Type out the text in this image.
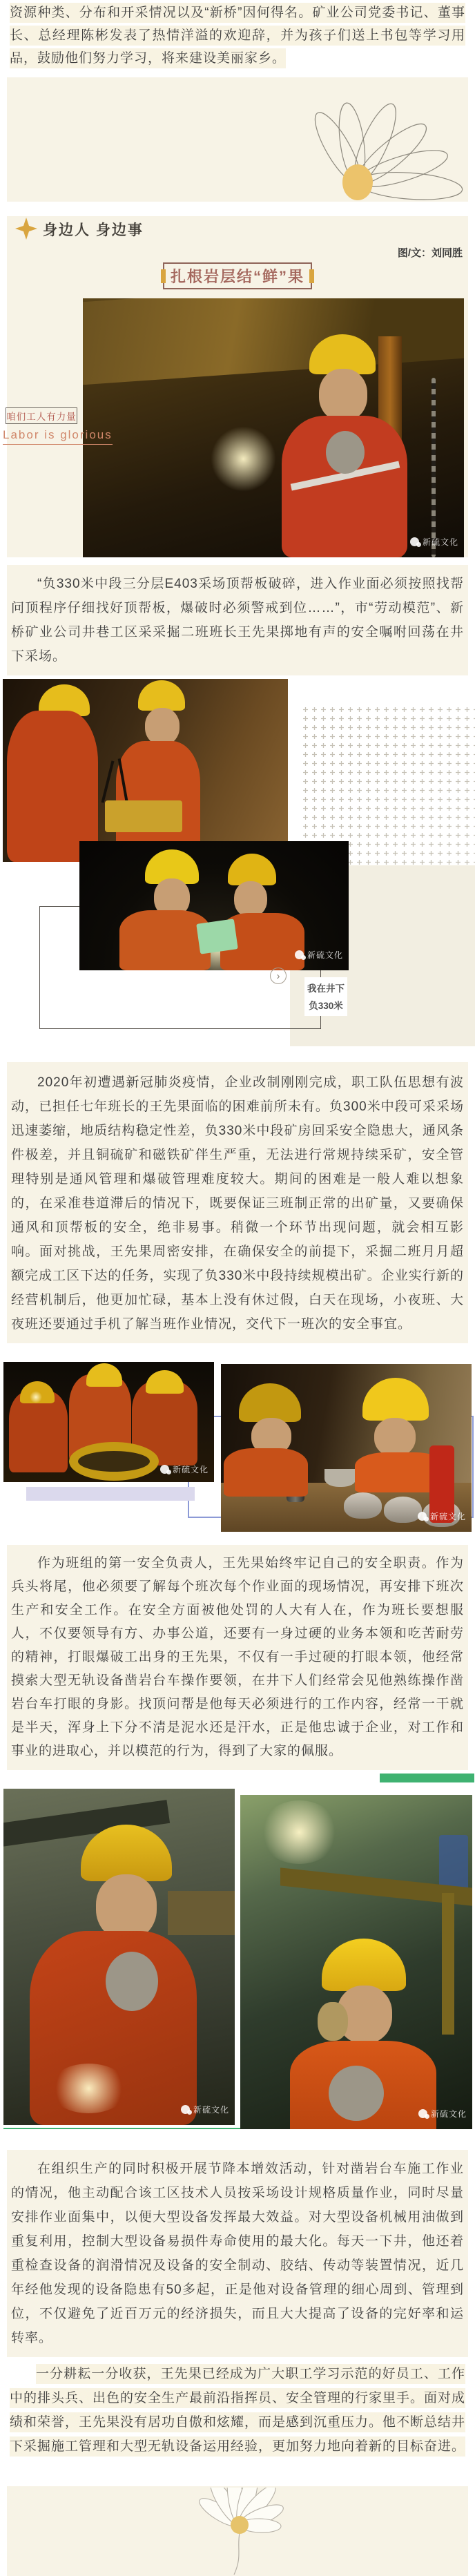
资源种类、分布和开采情况以及“新桥”因何得名。矿业公司党委书记、董事长、总经理陈彬发表了热情洋溢的欢迎辞，并为孩子们送上书包等学习用品，鼓励他们努力学习，将来建设美丽家乡。

身边人 身边事
图/文：刘同胜
扎根岩层结“鲜”果
咱们工人有力量
Labor is glorious
新硫文化

“负330米中段三分层E403采场顶帮板破碎，进入作业面必须按照找帮问顶程序仔细找好顶帮板，爆破时必须警戒到位……”，市“劳动模范”、新桥矿业公司井巷工区采采掘二班班长王先果掷地有声的安全嘱咐回荡在井下采场。

新硫文化
我在井下
负330米
›

2020年初遭遇新冠肺炎疫情，企业改制刚刚完成，职工队伍思想有波动，已担任七年班长的王先果面临的困难前所未有。负300米中段可采采场迅速萎缩，地质结构稳定性差，负330米中段矿房回采安全隐患大，通风条件极差，并且铜硫矿和磁铁矿伴生严重，无法进行常规持续采矿，安全管理特别是通风管理和爆破管理难度较大。期间的困难是一般人难以想象的，在采准巷道滞后的情况下，既要保证三班制正常的出矿量，又要确保通风和顶帮板的安全，绝非易事。稍微一个环节出现问题，就会相互影响。面对挑战，王先果周密安排，在确保安全的前提下，采掘二班月月超额完成工区下达的任务，实现了负330米中段持续规模出矿。企业实行新的经营机制后，他更加忙碌，基本上没有休过假，白天在现场，小夜班、大夜班还要通过手机了解当班作业情况，交代下一班次的安全事宜。

新硫文化
新硫文化

作为班组的第一安全负责人，王先果始终牢记自己的安全职责。作为兵头将尾，他必须要了解每个班次每个作业面的现场情况，再安排下班次生产和安全工作。在安全方面被他处罚的人大有人在，作为班长要想服人，不仅要领导有方、办事公道，还要有一身过硬的业务本领和吃苦耐劳的精神，打眼爆破工出身的王先果，不仅有一手过硬的打眼本领，他经常摸索大型无轨设备凿岩台车操作要领，在井下人们经常会见他熟练操作凿岩台车打眼的身影。找顶问帮是他每天必须进行的工作内容，经常一干就是半天，浑身上下分不清是泥水还是汗水，正是他忠诚于企业，对工作和事业的进取心，并以模范的行为，得到了大家的佩服。

新硫文化	新硫文化

在组织生产的同时积极开展节降本增效活动，针对凿岩台车施工作业的情况，他主动配合该工区技术人员按采场设计规格质量作业，同时尽量安排作业面集中，以便大型设备发挥最大效益。对大型设备机械用油做到重复利用，控制大型设备易损件寿命使用的最大化。每天一下井，他还着重检查设备的润滑情况及设备的安全制动、胶结、传动等装置情况，近几年经他发现的设备隐患有50多起，正是他对设备管理的细心周到、管理到位，不仅避免了近百万元的经济损失，而且大大提高了设备的完好率和运转率。

一分耕耘一分收获，王先果已经成为广大职工学习示范的好员工、工作中的排头兵、出色的安全生产最前沿指挥员、安全管理的行家里手。面对成绩和荣誉，王先果没有居功自傲和炫耀，而是感到沉重压力。他不断总结井下采掘施工管理和大型无轨设备运用经验，更加努力地向着新的目标奋进。
